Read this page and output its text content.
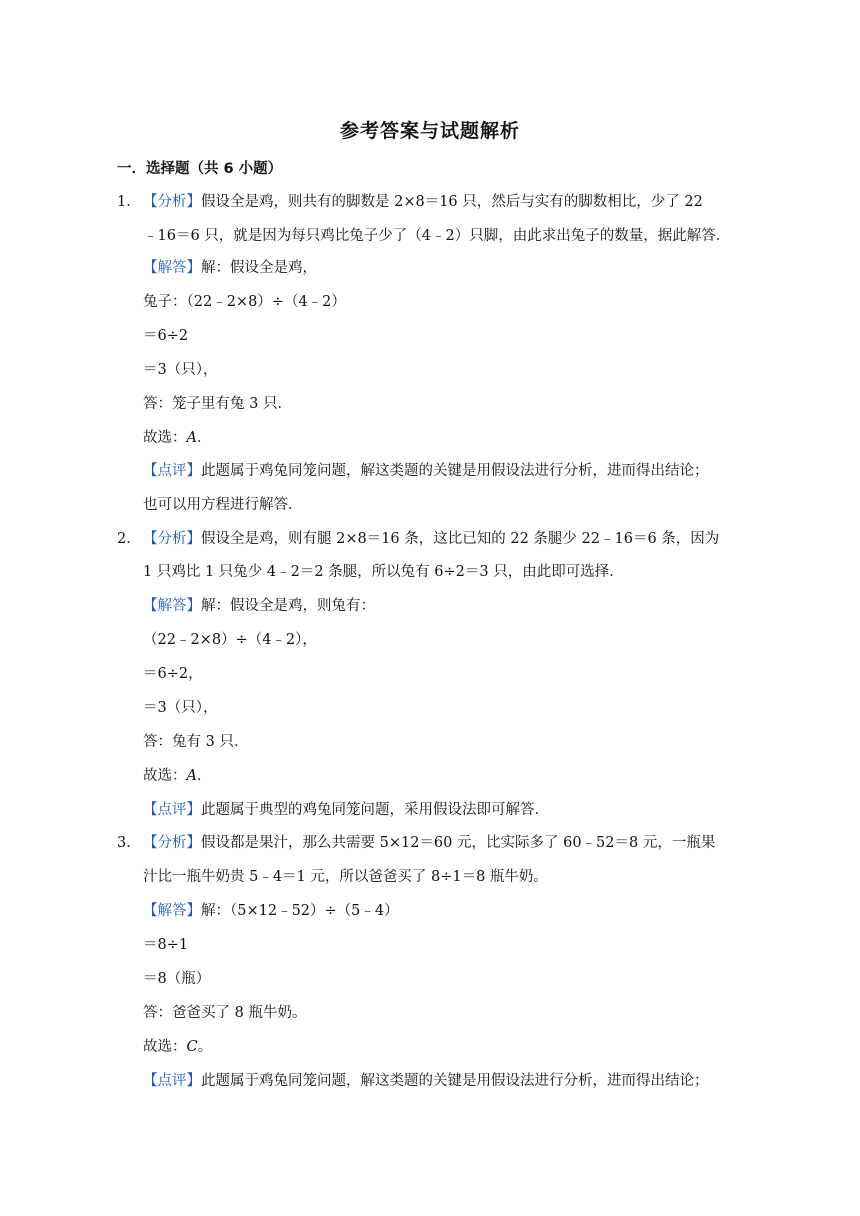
参考答案与试题解析
一．选择题（共 6 小题）
1． 【分析】假设全是鸡，则共有的脚数是 2×8＝16 只，然后与实有的脚数相比，少了 22
﹣16＝6 只，就是因为每只鸡比兔子少了（4﹣2）只脚，由此求出兔子的数量，据此解答．
【解答】解：假设全是鸡，
兔子：（22﹣2×8）÷（4﹣2）
＝6÷2
＝3（只），
答：笼子里有兔 3 只．
故选：A．
【点评】此题属于鸡兔同笼问题，解这类题的关键是用假设法进行分析，进而得出结论；
也可以用方程进行解答．
2． 【分析】假设全是鸡，则有腿 2×8＝16 条，这比已知的 22 条腿少 22﹣16＝6 条，因为
1 只鸡比 1 只兔少 4﹣2＝2 条腿，所以兔有 6÷2＝3 只，由此即可选择．
【解答】解：假设全是鸡，则兔有：
（22﹣2×8）÷（4﹣2），
＝6÷2，
＝3（只），
答：兔有 3 只．
故选：A．
【点评】此题属于典型的鸡兔同笼问题，采用假设法即可解答．
3． 【分析】假设都是果汁，那么共需要 5×12＝60 元，比实际多了 60﹣52＝8 元，一瓶果
汁比一瓶牛奶贵 5﹣4＝1 元，所以爸爸买了 8÷1＝8 瓶牛奶。
【解答】解：（5×12﹣52）÷（5﹣4）
＝8÷1
＝8（瓶）
答：爸爸买了 8 瓶牛奶。
故选：C。
【点评】此题属于鸡兔同笼问题，解这类题的关键是用假设法进行分析，进而得出结论；
